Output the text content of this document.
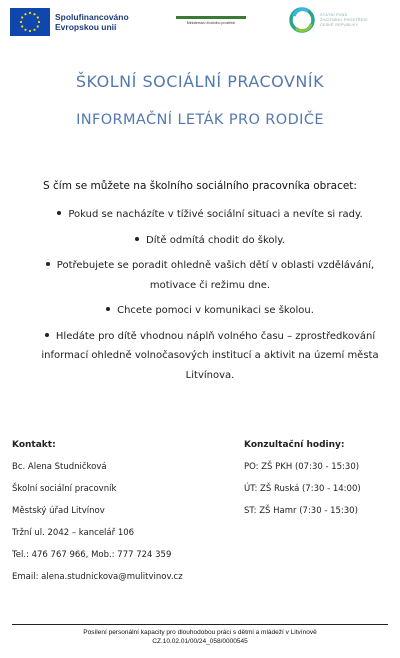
Spolufinancováno
Evropskou unií	Ministerstvo životního prostředí
STÁTNÍ FOND
ŽIVOTNÍHO PROSTŘEDÍ
ČESKÉ REPUBLIKY
ŠKOLNÍ SOCIÁLNÍ PRACOVNÍK
INFORMAČNÍ LETÁK PRO RODIČE
S čím se můžete na školního sociálního pracovníka obracet:
Pokud se nacházíte v tíživé sociální situaci a nevíte si rady.
Dítě odmítá chodit do školy.
Potřebujete se poradit ohledně vašich dětí v oblasti vzdělávání, motivace či režimu dne.
Chcete pomoci v komunikaci se školou.
Hledáte pro dítě vhodnou náplň volného času – zprostředkování informací ohledně volnočasových institucí a aktivit na území města Litvínova.
Kontakt:
Bc. Alena Studničková
Školní sociální pracovník
Městský úřad Litvínov
Tržní ul. 2042 – kancelář 106
Tel.: 476 767 966, Mob.: 777 724 359
Email: alena.studnickova@mulitvinov.cz
Konzultační hodiny:
PO: ZŠ PKH (07:30 - 15:30)
ÚT: ZŠ Ruská (7:30 - 14:00)
ST: ZŠ Hamr (7:30 - 15:30)
Posílení personální kapacity pro dlouhodobou práci s dětmi a mládeží v Litvínově
CZ.10.02.01/00/24_058/0000545
